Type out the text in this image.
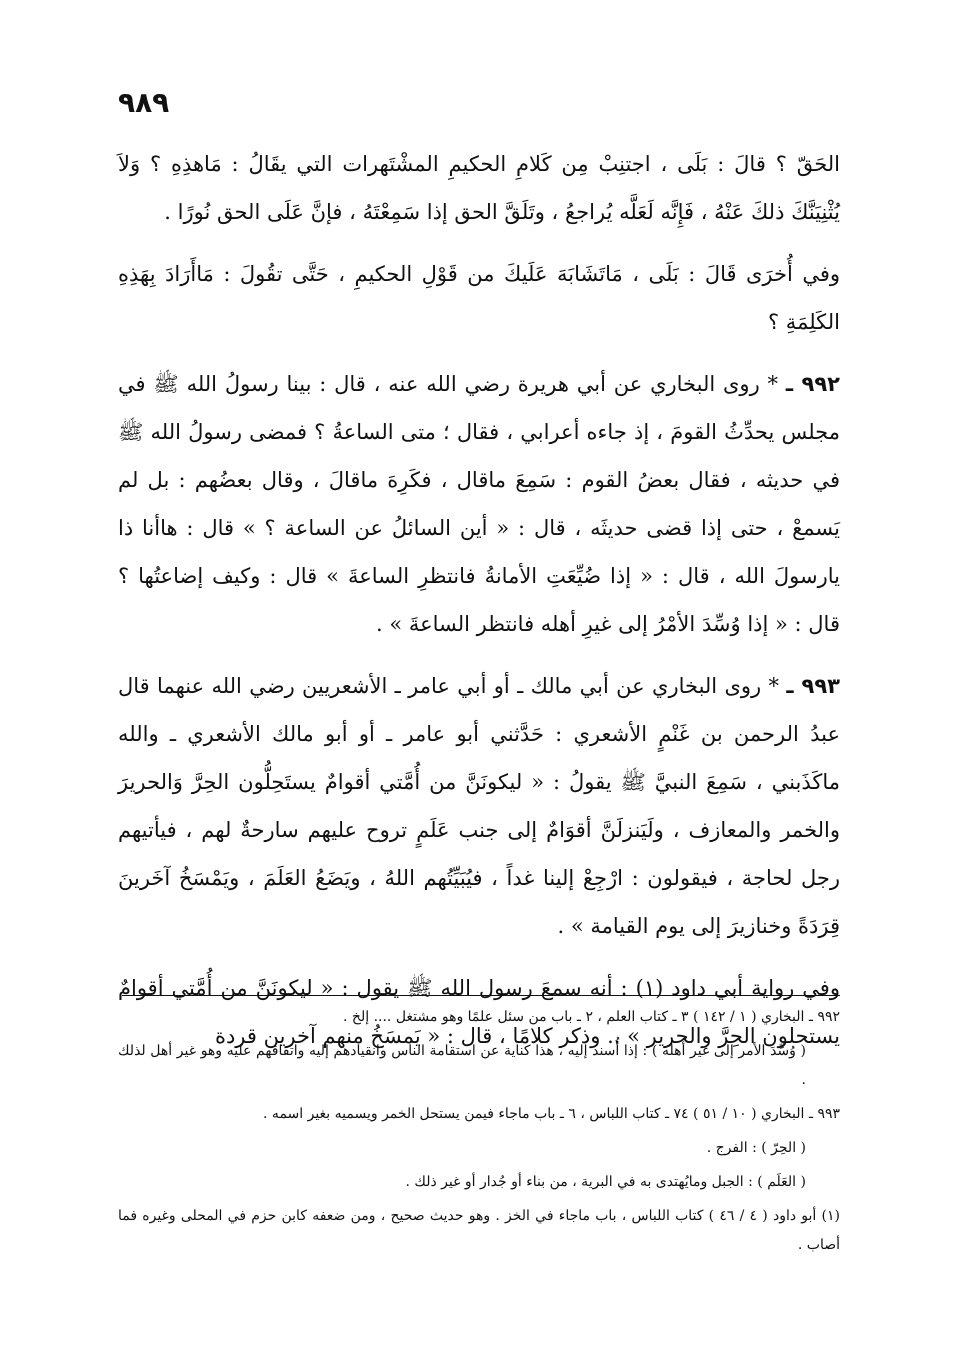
٩٨٩

الحَقّ ؟ قالَ : بَلَى ، اجتنِبْ مِن كَلامِ الحكيمِ المشْتَهرات التي يقَالُ : مَاهذِهِ ؟ وَلاَ يُثْنِيَنَّكَ ذلكَ عَنْهُ ، فَإِنَّه لَعَلَّه يُراجعُ ، وتَلَقَّ الحق إذا سَمِعْتَهُ ، فإنَّ عَلَى الحق نُورًا .

وفي أُخرَى قَالَ : بَلَى ، مَاتَشَابَهَ عَلَيكَ من قَوْلِ الحكيمِ ، حَتَّى تقُولَ : مَاأَرَادَ بِهَذِهِ الكَلِمَةِ ؟

٩٩٢ ـ * روى البخاري عن أبي هريرة رضي الله عنه ، قال : بينا رسولُ الله ﷺ في مجلس يحدِّثُ القومَ ، إذ جاءه أعرابي ، فقال ؛ متى الساعةُ ؟ فمضى رسولُ الله ﷺ في حديثه ، فقال بعضُ القوم : سَمِعَ ماقال ، فكَرِهَ ماقالَ ، وقال بعضُهم : بل لم يَسمعْ ، حتى إذا قضى حديثَه ، قال : « أين السائلُ عن الساعة ؟ » قال : هاأنا ذا يارسولَ الله ، قال : « إذا ضُيِّعَتِ الأمانةُ فانتظرِ الساعةَ » قال : وكيف إضاعتُها ؟ قال : « إذا وُسِّدَ الأمْرُ إلى غيرِ أهله فانتظر الساعةَ » .

٩٩٣ ـ * روى البخاري عن أبي مالك ـ أو أبي عامر ـ الأشعريين رضي الله عنهما قال عبدُ الرحمن بن غَنْمٍ الأشعري : حَدَّثني أبو عامر ـ أو أبو مالك الأشعري ـ والله ماكَذَبني ، سَمِعَ النبيَّ ﷺ يقولُ : « ليكونَنَّ من أُمَّتي أقوامٌ يستَحِلُّون الحِرَّ وَالحريرَ والخمر والمعازف ، ولَيَنزلَنَّ أقوَامٌ إلى جنب عَلَمٍ تروح عليهم سارحةٌ لهم ، فيأتيهم رجل لحاجة ، فيقولون : ارْجِعْ إلينا غداً ، فيُبَيِّتُهم اللهُ ، ويَضَعُ العَلَمَ ، ويَمْسَخُ آخَرينَ قِرَدَةً وخنازيرَ إلى يوم القيامة » .

وفي رواية أبي داود (١) : أنه سمعَ رسول الله ﷺ يقول : « ليكونَنَّ من أُمَّتي أقوامٌ يستحلون الحِرَّ والحرير » .. وذكر كلامًا ، قال : « يَمسَخُ منهم آخرين قردة

٩٩٢ ـ البخاري ( ١ / ١٤٢ ) ٣ ـ كتاب العلم ، ٢ ـ باب من سئل علمًا وهو مشتغل .... إلخ .

( وُسِّدَ الأمر إلى غير أهله ) : إذا أُسند إليه ، هذا كناية عن استقامة الناس وانقيادهم إليه واتفاقهم عليه وهو غير أهل لذلك .

٩٩٣ ـ البخاري ( ١٠ / ٥١ ) ٧٤ ـ كتاب اللباس ، ٦ ـ باب ماجاء فيمن يستحل الخمر ويسميه بغير اسمه .

( الحِرّ ) : الفرج .

( العَلَم ) : الجبل ومايُهتدى به في البرية ، من بناء أو جُدار أو غير ذلك .

(١) أبو داود ( ٤ / ٤٦ ) كتاب اللباس ، باب ماجاء في الخز . وهو حديث صحيح ، ومن ضعفه كابن حزم في المحلى وغيره فما أصاب .
